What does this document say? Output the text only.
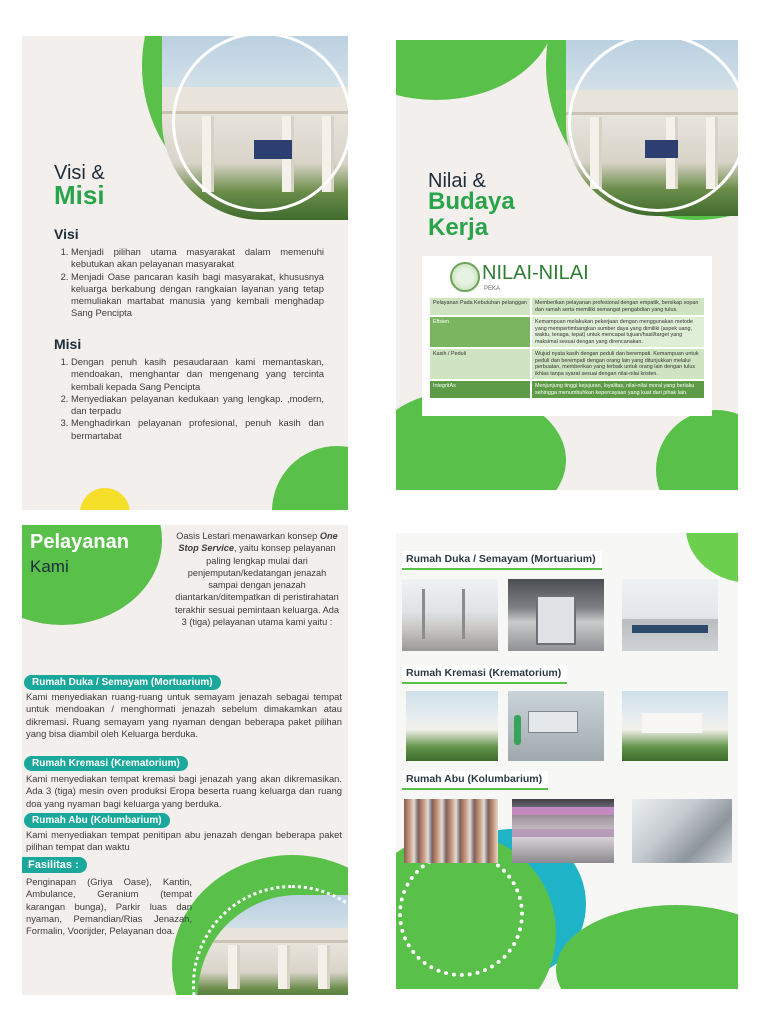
Visi &
Misi
Visi
1. Menjadi pilihan utama masyarakat dalam memenuhi kebutukan akan pelayanan masyarakat
2. Menjadi Oase pancaran kasih bagi masyarakat, khususnya keluarga berkabung dengan rangkaian layanan yang tetap memuliakan martabat manusia yang kembali menghadap Sang Pencipta
Misi
1. Dengan penuh kasih pesaudaraan kami memantaskan, mendoakan, menghantar dan mengenang yang tercinta kembali kepada Sang Pencipta
2. Menyediakan pelayanan kedukaan yang lengkap. ,modern, dan terpadu
3. Menghadirkan pelayanan profesional, penuh kasih dan bermartabat
Nilai &
Budaya
Kerja
NILAI-NILAI
PEKA
Pelayanan Pada Kebutuhan pelanggan	Memberikan pelayanan profesional dengan empatik, bersikap sopan dan ramah serta memiliki semangat pengabdian yang tulus.
Efisien	Kemampuan melakukan pekerjaan dengan menggunakan metode yang mempertimbangkan sumber daya yang dimiliki (aspek uang, waktu, tenaga, tepat) untuk mencapai tujuan/hasil/target yang maksimal sesuai dengan yang direncanakan.
Kasih / Peduli	Wujud nyata kasih dengan peduli dan berempati. Kemampuan untuk peduli dan berempati dengan orang lain yang ditunjukkan melalui perbuatan, memberikan yang terbaik untuk orang lain dengan tulus ikhlas tanpa syarat sesuai dengan nilai-nilai kristen.
IntegritAs	Menjunjung tinggi kejujuran, loyalitas, nilai-nilai moral yang berlaku sehingga menumbuhkan kepercayaan yang kuat dari pihak lain.
Pelayanan
Kami
Oasis Lestari menawarkan konsep One Stop Service, yaitu konsep pelayanan paling lengkap mulai dari penjemputan/kedatangan jenazah sampai dengan jenazah diantarkan/ditempatkan di peristirahatan terakhir sesuai pemintaan keluarga. Ada 3 (tiga) pelayanan utama kami yaitu :
Rumah Duka / Semayam (Mortuarium)
Kami menyediakan ruang-ruang untuk semayam jenazah sebagai tempat untuk mendoakan / menghormati jenazah sebelum dimakamkan atau dikremasi. Ruang semayam yang nyaman dengan beberapa paket pilihan yang bisa diambil oleh Keluarga berduka.
Rumah Kremasi (Krematorium)
Kami menyediakan tempat kremasi bagi jenazah yang akan dikremasikan. Ada 3 (tiga) mesin oven produksi Eropa beserta ruang keluarga dan ruang doa yang nyaman bagi keluarga yang berduka.
Rumah Abu (Kolumbarium)
Kami menyediakan tempat penitipan abu jenazah dengan beberapa paket pilihan tempat dan waktu
Fasilitas :
Penginapan (Griya Oase), Kantin, Ambulance, Geranium (tempat karangan bunga), Parkir luas dan nyaman, Pemandian/Rias Jenazah, Formalin, Voorijder, Pelayanan doa.
Rumah Duka / Semayam (Mortuarium)
Rumah Kremasi (Krematorium)
Rumah Abu (Kolumbarium)
